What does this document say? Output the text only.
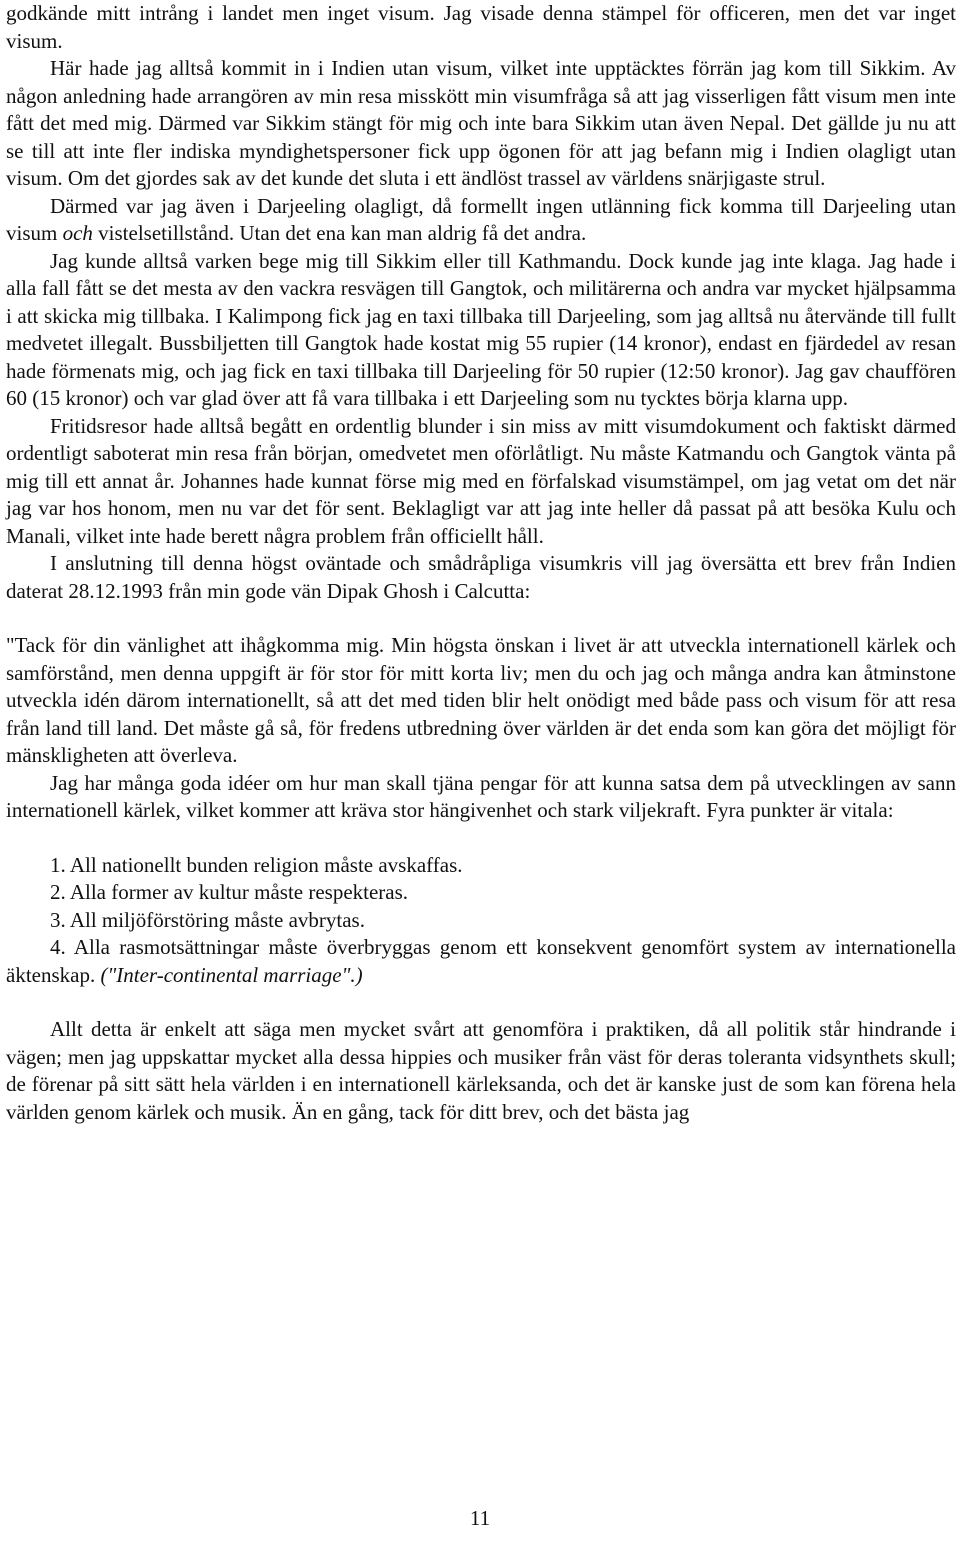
godkände mitt intrång i landet men inget visum. Jag visade denna stämpel för officeren, men det var inget visum.

Här hade jag alltså kommit in i Indien utan visum, vilket inte upptäcktes förrän jag kom till Sikkim. Av någon anledning hade arrangören av min resa misskött min visumfråga så att jag visserligen fått visum men inte fått det med mig. Därmed var Sikkim stängt för mig och inte bara Sikkim utan även Nepal. Det gällde ju nu att se till att inte fler indiska myndighetspersoner fick upp ögonen för att jag befann mig i Indien olagligt utan visum. Om det gjordes sak av det kunde det sluta i ett ändlöst trassel av världens snärjigaste strul.

Därmed var jag även i Darjeeling olagligt, då formellt ingen utlänning fick komma till Darjeeling utan visum och vistelsetillstånd. Utan det ena kan man aldrig få det andra.

Jag kunde alltså varken bege mig till Sikkim eller till Kathmandu. Dock kunde jag inte klaga. Jag hade i alla fall fått se det mesta av den vackra resvägen till Gangtok, och militärerna och andra var mycket hjälpsamma i att skicka mig tillbaka. I Kalimpong fick jag en taxi tillbaka till Darjeeling, som jag alltså nu återvände till fullt medvetet illegalt. Bussbiljetten till Gangtok hade kostat mig 55 rupier (14 kronor), endast en fjärdedel av resan hade förmenats mig, och jag fick en taxi tillbaka till Darjeeling för 50 rupier (12:50 kronor). Jag gav chauffören 60 (15 kronor) och var glad över att få vara tillbaka i ett Darjeeling som nu tycktes börja klarna upp.

Fritidsresor hade alltså begått en ordentlig blunder i sin miss av mitt visumdokument och faktiskt därmed ordentligt saboterat min resa från början, omedvetet men oförlåtligt. Nu måste Katmandu och Gangtok vänta på mig till ett annat år. Johannes hade kunnat förse mig med en förfalskad visumstämpel, om jag vetat om det när jag var hos honom, men nu var det för sent. Beklagligt var att jag inte heller då passat på att besöka Kulu och Manali, vilket inte hade berett några problem från officiellt håll.

I anslutning till denna högst oväntade och smådråpliga visumkris vill jag översätta ett brev från Indien daterat 28.12.1993 från min gode vän Dipak Ghosh i Calcutta:

"Tack för din vänlighet att ihågkomma mig. Min högsta önskan i livet är att utveckla internationell kärlek och samförstånd, men denna uppgift är för stor för mitt korta liv; men du och jag och många andra kan åtminstone utveckla idén därom internationellt, så att det med tiden blir helt onödigt med både pass och visum för att resa från land till land. Det måste gå så, för fredens utbredning över världen är det enda som kan göra det möjligt för mänskligheten att överleva.

Jag har många goda idéer om hur man skall tjäna pengar för att kunna satsa dem på utvecklingen av sann internationell kärlek, vilket kommer att kräva stor hängivenhet och stark viljekraft. Fyra punkter är vitala:

1. All nationellt bunden religion måste avskaffas.
2. Alla former av kultur måste respekteras.
3. All miljöförstöring måste avbrytas.
4. Alla rasmotsättningar måste överbryggas genom ett konsekvent genomfört system av internationella äktenskap. ("Inter-continental marriage".)

Allt detta är enkelt att säga men mycket svårt att genomföra i praktiken, då all politik står hindrande i vägen; men jag uppskattar mycket alla dessa hippies och musiker från väst för deras toleranta vidsynthets skull; de förenar på sitt sätt hela världen i en internationell kärleksanda, och det är kanske just de som kan förena hela världen genom kärlek och musik. Än en gång, tack för ditt brev, och det bästa jag

11
